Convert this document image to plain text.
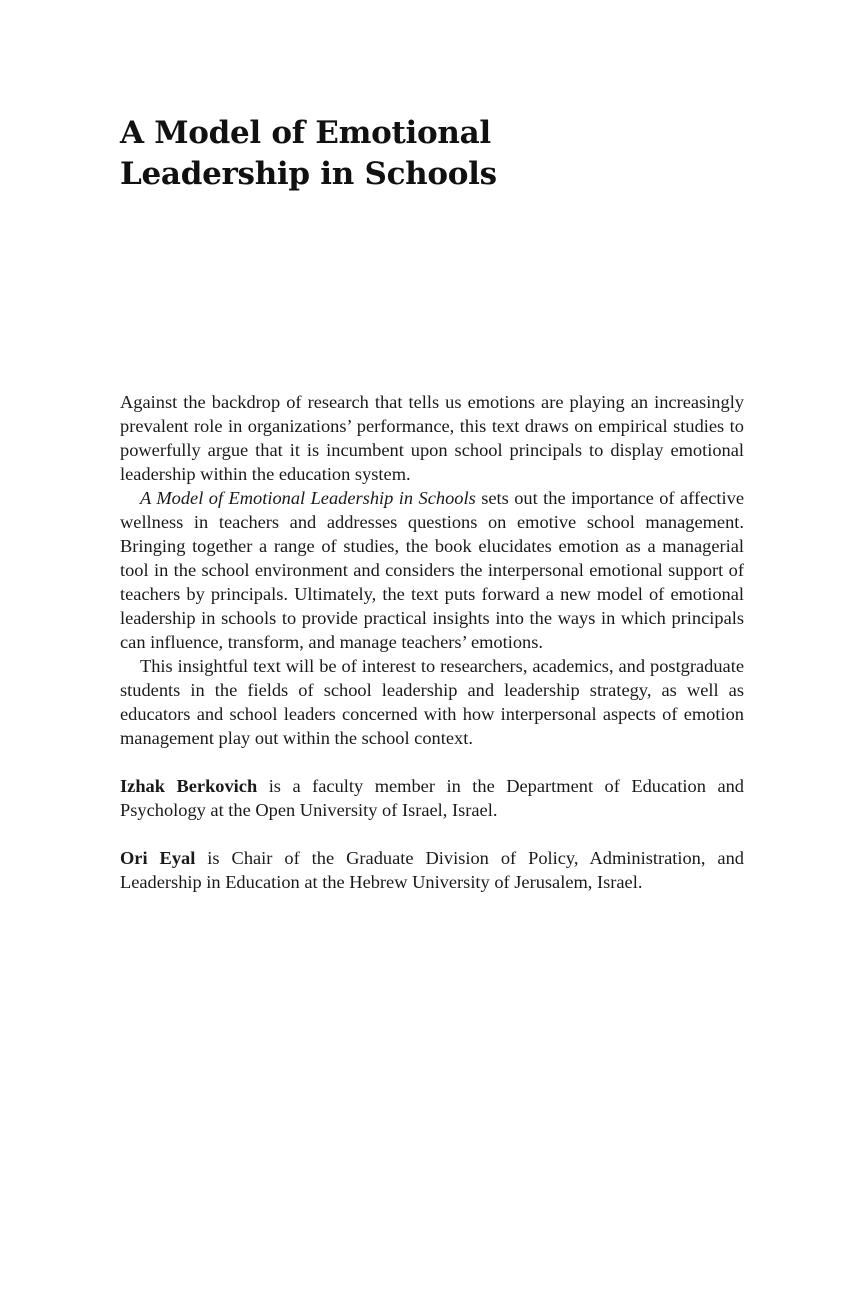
A Model of Emotional
Leadership in Schools

Against the backdrop of research that tells us emotions are playing an increasingly prevalent role in organizations’ performance, this text draws on empirical studies to powerfully argue that it is incumbent upon school principals to display emotional leadership within the education system.

A Model of Emotional Leadership in Schools sets out the importance of affective wellness in teachers and addresses questions on emotive school management. Bringing together a range of studies, the book elucidates emotion as a managerial tool in the school environment and considers the interpersonal emotional support of teachers by principals. Ultimately, the text puts forward a new model of emotional leadership in schools to provide practical insights into the ways in which principals can influence, transform, and manage teachers’ emotions.

This insightful text will be of interest to researchers, academics, and postgraduate students in the fields of school leadership and leadership strategy, as well as educators and school leaders concerned with how interpersonal aspects of emotion management play out within the school context.

Izhak Berkovich is a faculty member in the Department of Education and Psychology at the Open University of Israel, Israel.

Ori Eyal is Chair of the Graduate Division of Policy, Administration, and Leadership in Education at the Hebrew University of Jerusalem, Israel.
